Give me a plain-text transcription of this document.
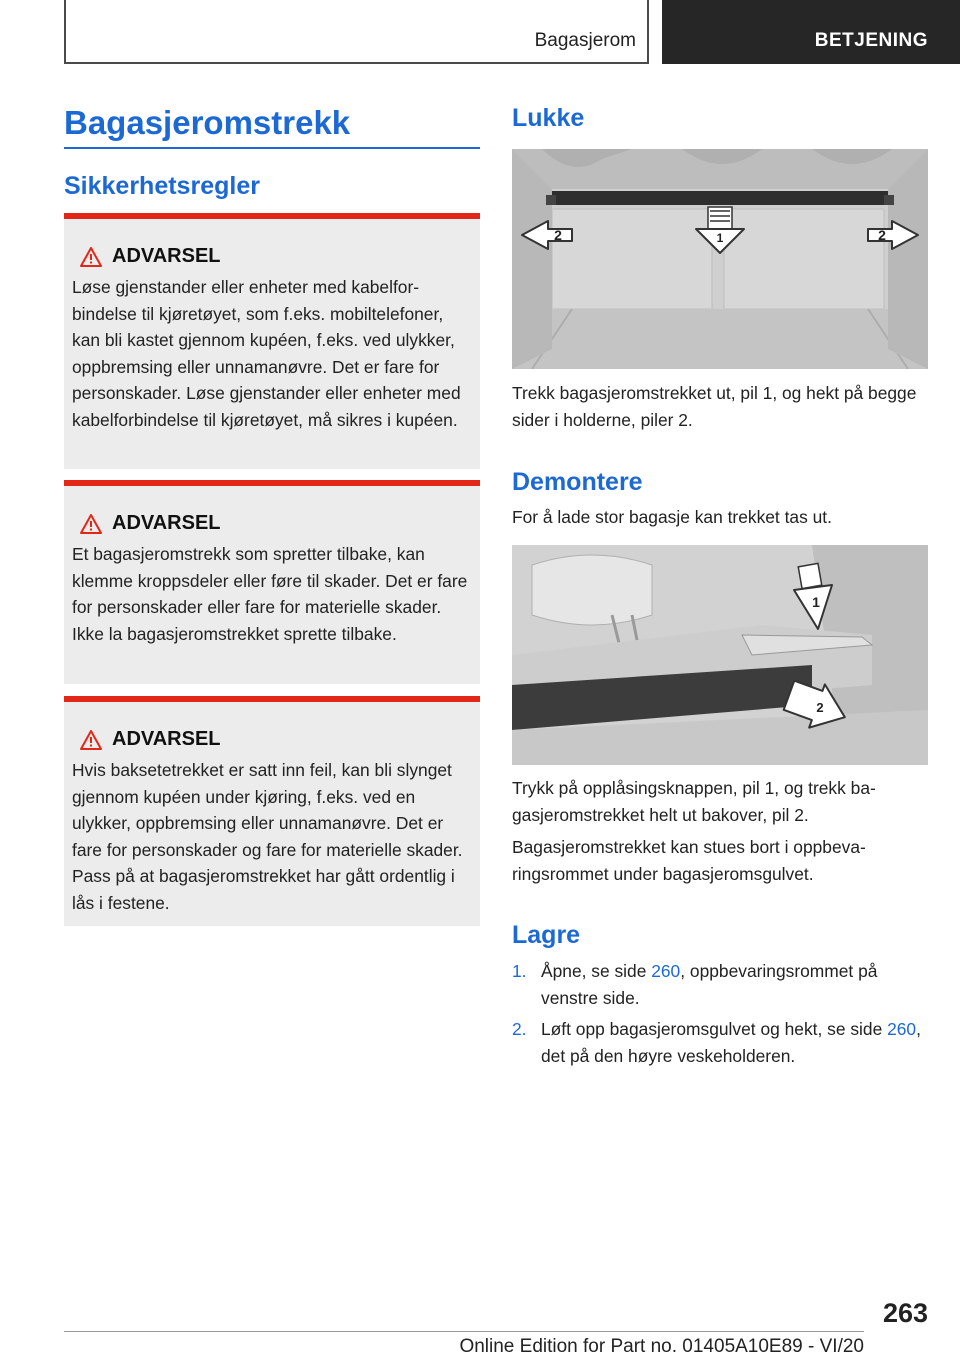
Bagasjerom	BETJENING
Bagasjeromstrekk
Sikkerhetsregler
ADVARSEL
Løse gjenstander eller enheter med kabelforbindelse til kjøretøyet, som f.eks. mobiltelefoner, kan bli kastet gjennom kupéen, f.eks. ved ulykker, oppbremsing eller unnamanøvre. Det er fare for personskader. Løse gjenstander eller enheter med kabelforbindelse til kjøretøyet, må sikres i kupéen.
ADVARSEL
Et bagasjeromstrekk som spretter tilbake, kan klemme kroppsdeler eller føre til skader. Det er fare for personskader eller fare for materielle skader. Ikke la bagasjeromstrekket sprette tilbake.
ADVARSEL
Hvis baksetetrekket er satt inn feil, kan bli slynget gjennom kupéen under kjøring, f.eks. ved en ulykker, oppbremsing eller unnamanøvre. Det er fare for personskader og fare for materielle skader. Pass på at bagasjeromstrekket har gått ordentlig i lås i festene.
Lukke
1
2	2
Trekk bagasjeromstrekket ut, pil 1, og hekt på begge sider i holderne, piler 2.
Demontere
For å lade stor bagasje kan trekket tas ut.
1
2
Trykk på opplåsingsknappen, pil 1, og trekk bagasjeromstrekket helt ut bakover, pil 2.
Bagasjeromstrekket kan stues bort i oppbevaringsrommet under bagasjeromsgulvet.
Lagre
1. Åpne, se side 260, oppbevaringsrommet på venstre side.
2. Løft opp bagasjeromsgulvet og hekt, se side 260, det på den høyre veskeholderen.
263
Online Edition for Part no. 01405A10E89 - VI/20
